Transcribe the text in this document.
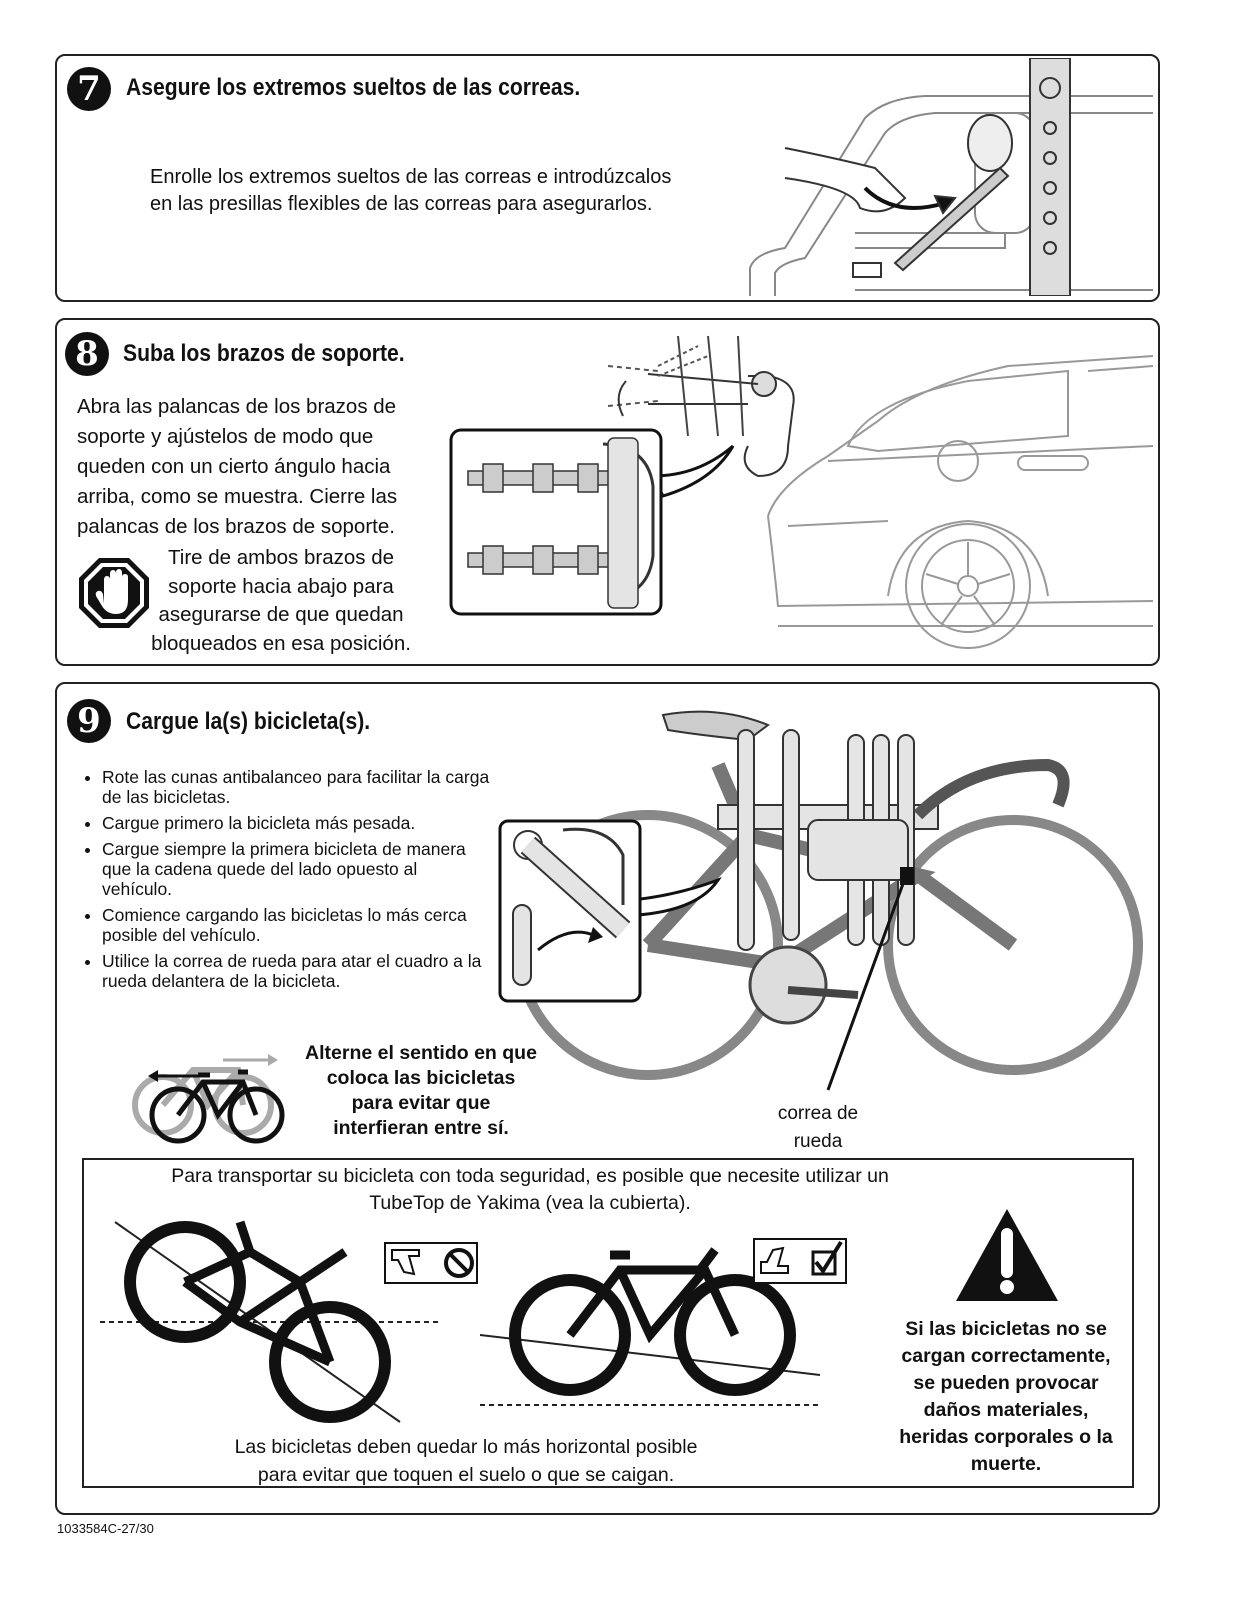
7	Asegure los extremos sueltos de las correas.
Enrolle los extremos sueltos de las correas e introdúzcalos
en las presillas flexibles de las correas para asegurarlos.
8	Suba los brazos de soporte.
Abra las palancas de los brazos de soporte y ajústelos de modo que queden con un cierto ángulo hacia arriba, como se muestra. Cierre las palancas de los brazos de soporte.
Tire de ambos brazos de soporte hacia abajo para asegurarse de que quedan bloqueados en esa posición.
9	Cargue la(s) bicicleta(s).
• Rote las cunas antibalanceo para facilitar la carga de las bicicletas.
• Cargue primero la bicicleta más pesada.
• Cargue siempre la primera bicicleta de manera que la cadena quede del lado opuesto al vehículo.
• Comience cargando las bicicletas lo más cerca posible del vehículo.
• Utilice la correa de rueda para atar el cuadro a la rueda delantera de la bicicleta.
Alterne el sentido en que coloca las bicicletas para evitar que interfieran entre sí.
correa de
rueda
Para transportar su bicicleta con toda seguridad, es posible que necesite utilizar un
TubeTop de Yakima (vea la cubierta).
Las bicicletas deben quedar lo más horizontal posible
para evitar que toquen el suelo o que se caigan.
Si las bicicletas no se cargan correctamente, se pueden provocar daños materiales, heridas corporales o la muerte.
1033584C-27/30
